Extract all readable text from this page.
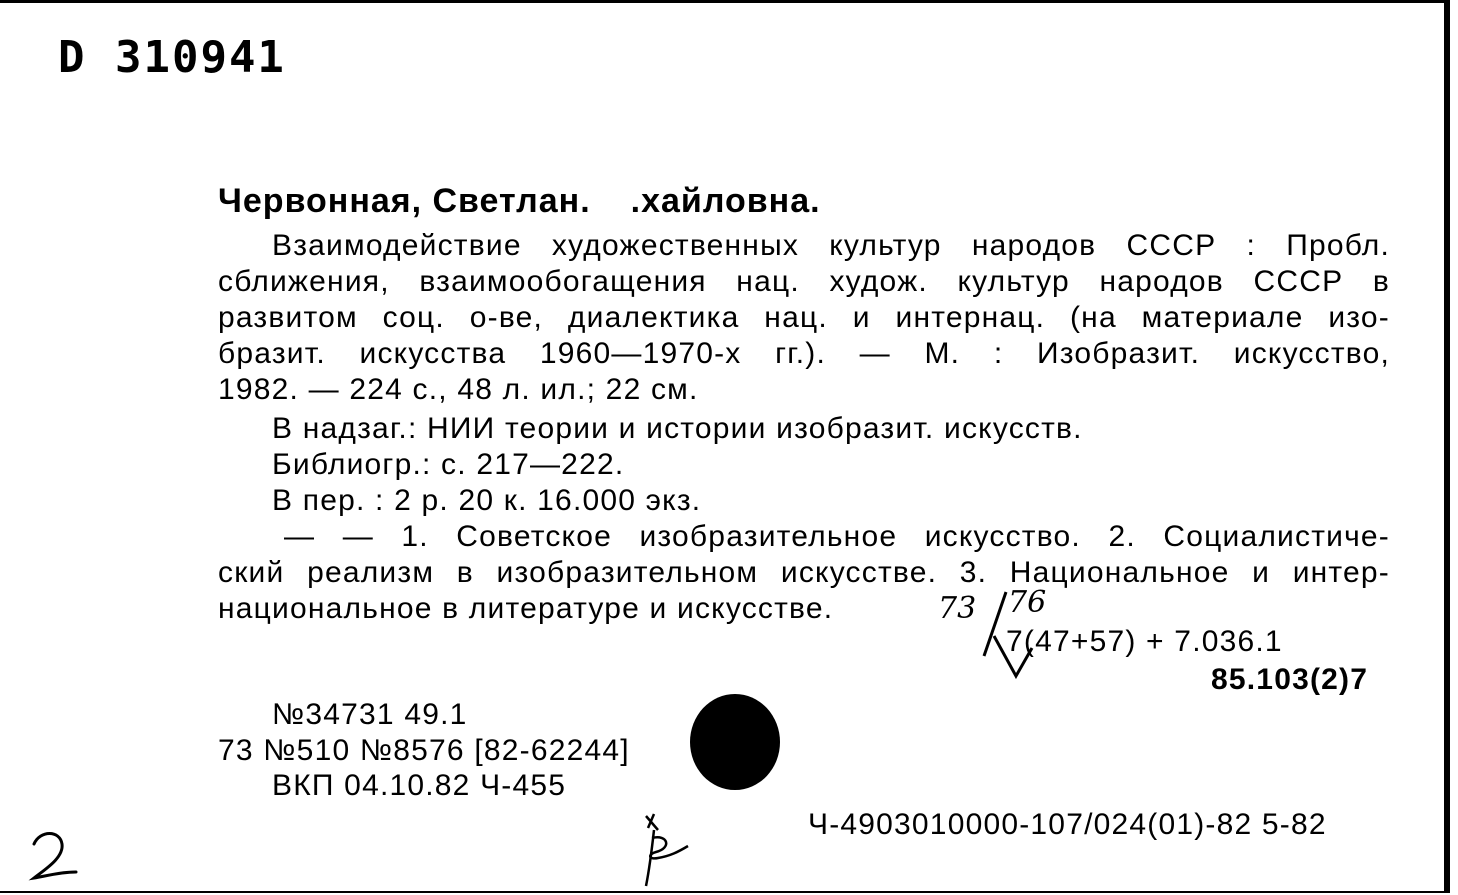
D 310941
Червонная, Светлан. .хайловна.
Взаимодействие художественных культур народов СССР : Пробл.
сближения, взаимообогащения нац. худож. культур народов СССР в
развитом соц. о-ве, диалектика нац. и интернац. (на материале изо-
бразит. искусства 1960—1970-х гг.). — М. : Изобразит. искусство,
1982. — 224 с., 48 л. ил.; 22 см.
В надзаг.: НИИ теории и истории изобразит. искусств.
Библиогр.: с. 217—222.
В пер. : 2 р. 20 к. 16.000 экз.
— — 1. Советское изобразительное искусство. 2. Социалистиче-
ский реализм в изобразительном искусстве. 3. Национальное и интер-
национальное в литературе и искусстве.	73 76
7(47+57) + 7.036.1
85.103(2)7
№34731 49.1
73 №510 №8576 [82-62244]
ВКП 04.10.82 Ч-455
Ч-4903010000-107/024(01)-82 5-82
